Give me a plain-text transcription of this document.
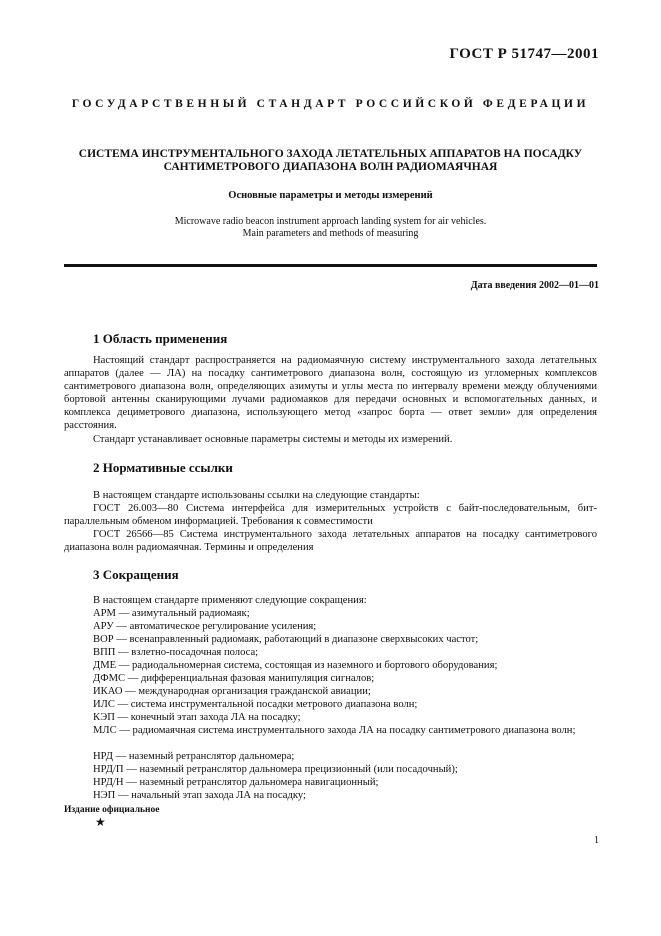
ГОСТ Р 51747—2001
ГОСУДАРСТВЕННЫЙ СТАНДАРТ РОССИЙСКОЙ ФЕДЕРАЦИИ
СИСТЕМА ИНСТРУМЕНТАЛЬНОГО ЗАХОДА ЛЕТАТЕЛЬНЫХ АППАРАТОВ НА ПОСАДКУ
САНТИМЕТРОВОГО ДИАПАЗОНА ВОЛН РАДИОМАЯЧНАЯ
Основные параметры и методы измерений
Microwave radio beacon instrument approach landing system for air vehicles.
Main parameters and methods of measuring
Дата введения 2002—01—01
1 Область применения

Настоящий стандарт распространяется на радиомаячную систему инструментального захода летательных аппаратов (далее — ЛА) на посадку сантиметрового диапазона волн, состоящую из угломерных комплексов сантиметрового диапазона волн, определяющих азимуты и углы места по интервалу времени между облучениями бортовой антенны сканирующими лучами радиомаяков для передачи основных и вспомогательных данных, и комплекса дециметрового диапазона, использующего метод «запрос борта — ответ земли» для определения расстояния.

Стандарт устанавливает основные параметры системы и методы их измерений.

2 Нормативные ссылки

В настоящем стандарте использованы ссылки на следующие стандарты:

ГОСТ 26.003—80 Система интерфейса для измерительных устройств с байт-последовательным, бит-параллельным обменом информацией. Требования к совместимости

ГОСТ 26566—85 Система инструментального захода летательных аппаратов на посадку сантиметрового диапазона волн радиомаячная. Термины и определения

3 Сокращения

В настоящем стандарте применяют следующие сокращения:

АРМ — азимутальный радиомаяк;

АРУ — автоматическое регулирование усиления;

ВОР — всенаправленный радиомаяк, работающий в диапазоне сверхвысоких частот;

ВПП — взлетно-посадочная полоса;

ДМЕ — радиодальномерная система, состоящая из наземного и бортового оборудования;

ДФМС — дифференциальная фазовая манипуляция сигналов;

ИКАО — международная организация гражданской авиации;

ИЛС — система инструментальной посадки метрового диапазона волн;

КЭП — конечный этап захода ЛА на посадку;

МЛС — радиомаячная система инструментального захода ЛА на посадку сантиметрового диапазона волн;

НРД — наземный ретранслятор дальномера;

НРД/П — наземный ретранслятор дальномера прецизионный (или посадочный);

НРД/Н — наземный ретранслятор дальномера навигационный;

НЭП — начальный этап захода ЛА на посадку;

Издание официальное
★
1
